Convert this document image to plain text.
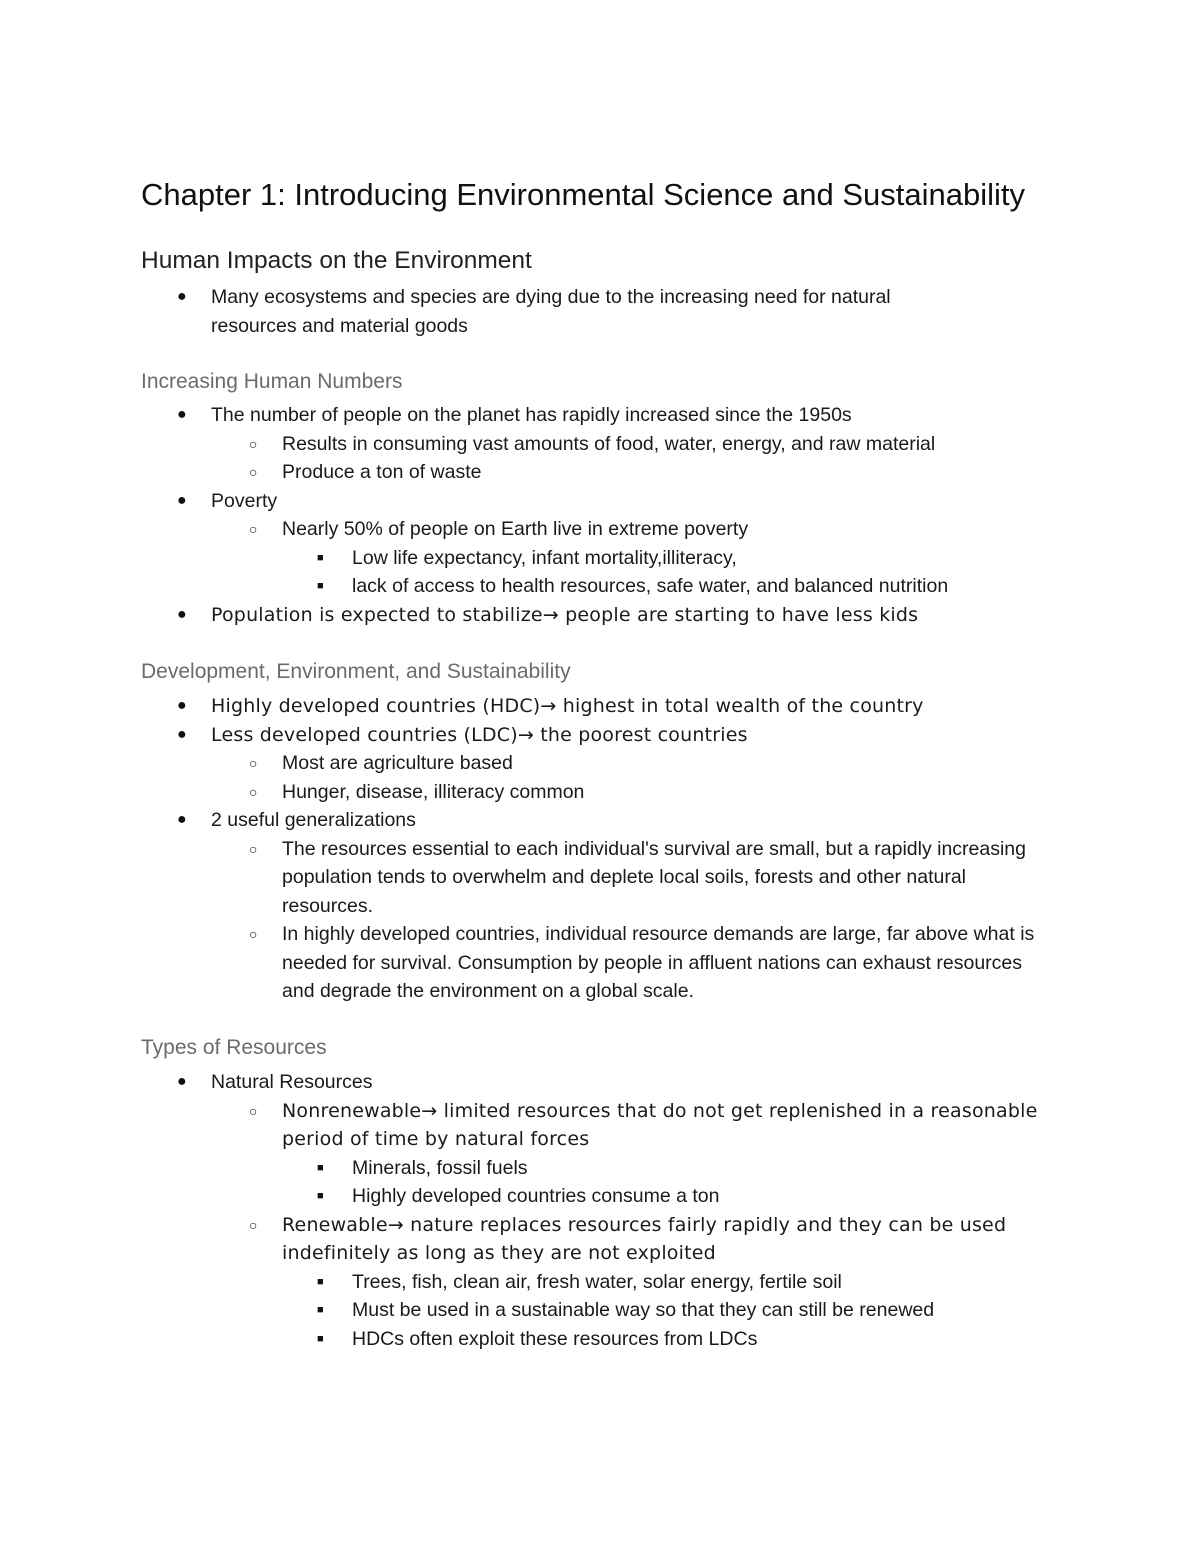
Chapter 1: Introducing Environmental Science and Sustainability
Human Impacts on the Environment
● Many ecosystems and species are dying due to the increasing need for natural resources and material goods
Increasing Human Numbers
● The number of people on the planet has rapidly increased since the 1950s
○ Results in consuming vast amounts of food, water, energy, and raw material
○ Produce a ton of waste
● Poverty
○ Nearly 50% of people on Earth live in extreme poverty
■ Low life expectancy, infant mortality,illiteracy,
■ lack of access to health resources, safe water, and balanced nutrition
● Population is expected to stabilize→ people are starting to have less kids
Development, Environment, and Sustainability
● Highly developed countries (HDC)→ highest in total wealth of the country
● Less developed countries (LDC)→ the poorest countries
○ Most are agriculture based
○ Hunger, disease, illiteracy common
● 2 useful generalizations
○ The resources essential to each individual's survival are small, but a rapidly increasing population tends to overwhelm and deplete local soils, forests and other natural resources.
○ In highly developed countries, individual resource demands are large, far above what is needed for survival. Consumption by people in affluent nations can exhaust resources and degrade the environment on a global scale.
Types of Resources
● Natural Resources
○ Nonrenewable→ limited resources that do not get replenished in a reasonable period of time by natural forces
■ Minerals, fossil fuels
■ Highly developed countries consume a ton
○ Renewable→ nature replaces resources fairly rapidly and they can be used indefinitely as long as they are not exploited
■ Trees, fish, clean air, fresh water, solar energy, fertile soil
■ Must be used in a sustainable way so that they can still be renewed
■ HDCs often exploit these resources from LDCs
